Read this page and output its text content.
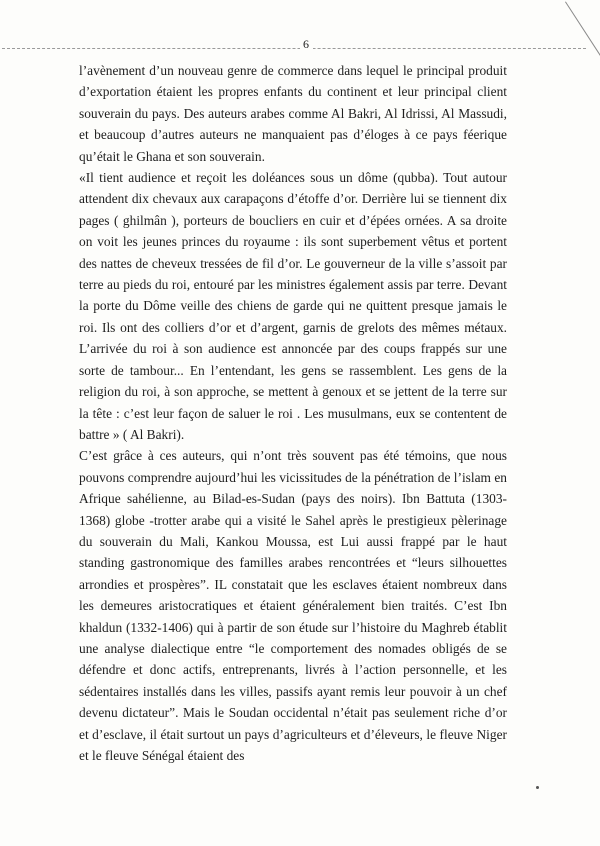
6

l’avènement d’un nouveau genre de commerce dans lequel le principal produit d’exportation étaient les propres enfants du continent et leur principal client souverain du pays. Des auteurs arabes comme Al Bakri, Al Idrissi, Al Massudi, et beaucoup d’autres auteurs ne manquaient pas d’éloges à ce pays féerique qu’était le Ghana et son souverain.

«Il tient audience et reçoit les doléances sous un dôme (qubba). Tout autour attendent dix chevaux aux carapaçons d’étoffe d’or. Derrière lui se tiennent dix pages ( ghilmân ), porteurs de boucliers en cuir et d’épées ornées. A sa droite on voit les jeunes princes du royaume : ils sont superbement vêtus et portent des nattes de cheveux tressées de fil d’or. Le gouverneur de la ville s’assoit par terre au pieds du roi, entouré par les ministres également assis par terre. Devant la porte du Dôme veille des chiens de garde qui ne quittent presque jamais le roi. Ils ont des colliers d’or et d’argent, garnis de grelots des mêmes métaux. L’arrivée du roi à son audience est annoncée par des coups frappés sur une sorte de tambour... En l’entendant, les gens se rassemblent. Les gens de la religion du roi, à son approche, se mettent à genoux et se jettent de la terre sur la tête : c’est leur façon de saluer le roi . Les musulmans, eux se contentent de battre » ( Al Bakri).

C’est grâce à ces auteurs, qui n’ont très souvent pas été témoins, que nous pouvons comprendre aujourd’hui les vicissitudes de la pénétration de l’islam en Afrique sahélienne, au Bilad-es-Sudan (pays des noirs). Ibn Battuta (1303-1368) globe -trotter arabe qui a visité le Sahel après le prestigieux pèlerinage du souverain du Mali, Kankou Moussa, est Lui aussi frappé par le haut standing gastronomique des familles arabes rencontrées et “leurs silhouettes arrondies et prospères”. IL constatait que les esclaves étaient nombreux dans les demeures aristocratiques et étaient généralement bien traités. C’est Ibn khaldun (1332-1406) qui à partir de son étude sur l’histoire du Maghreb établit une analyse dialectique entre “le comportement des nomades obligés de se défendre et donc actifs, entreprenants, livrés à l’action personnelle, et les sédentaires installés dans les villes, passifs ayant remis leur pouvoir à un chef devenu dictateur”. Mais le Soudan occidental n’était pas seulement riche d’or et d’esclave, il était surtout un pays d’agriculteurs et d’éleveurs, le fleuve Niger et le fleuve Sénégal étaient des
